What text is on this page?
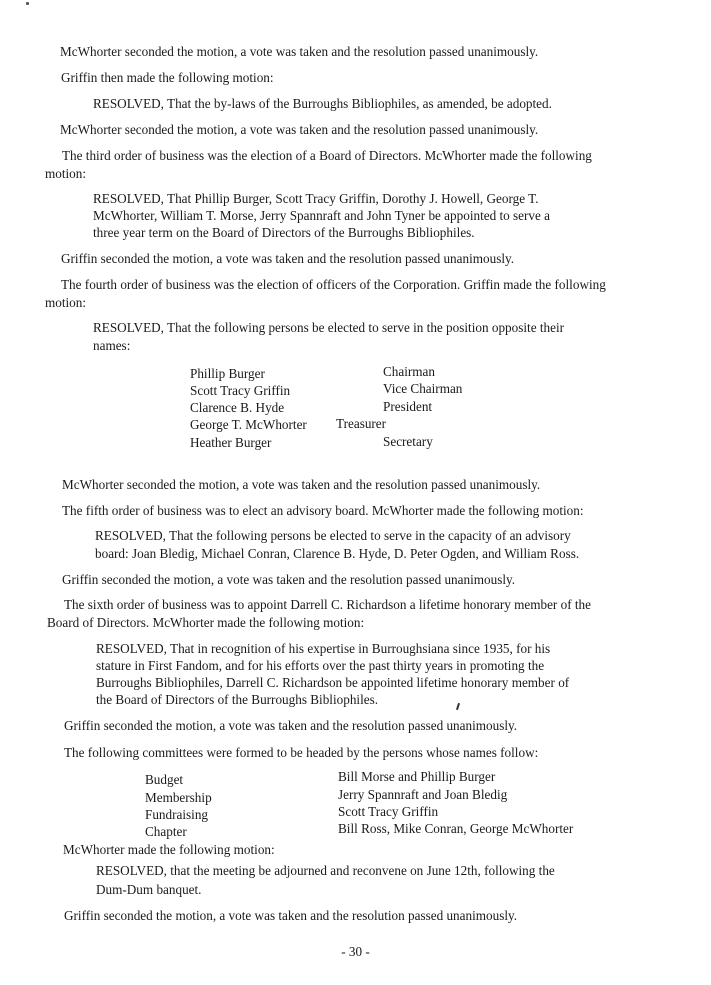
McWhorter seconded the motion, a vote was taken and the resolution passed unanimously.

Griffin then made the following motion:

RESOLVED, That the by-laws of the Burroughs Bibliophiles, as amended, be adopted.

McWhorter seconded the motion, a vote was taken and the resolution passed unanimously.

The third order of business was the election of a Board of Directors. McWhorter made the following

motion:

RESOLVED, That Phillip Burger, Scott Tracy Griffin, Dorothy J. Howell, George T.

McWhorter, William T. Morse, Jerry Spannraft and John Tyner be appointed to serve a

three year term on the Board of Directors of the Burroughs Bibliophiles.

Griffin seconded the motion, a vote was taken and the resolution passed unanimously.

The fourth order of business was the election of officers of the Corporation. Griffin made the following

motion:

RESOLVED, That the following persons be elected to serve in the position opposite their

names:

Phillip Burger	Chairman
Scott Tracy Griffin	Vice Chairman
Clarence B. Hyde	President
George T. McWhorter Treasurer
Heather Burger	Secretary

McWhorter seconded the motion, a vote was taken and the resolution passed unanimously.

The fifth order of business was to elect an advisory board. McWhorter made the following motion:

RESOLVED, That the following persons be elected to serve in the capacity of an advisory

board: Joan Bledig, Michael Conran, Clarence B. Hyde, D. Peter Ogden, and William Ross.

Griffin seconded the motion, a vote was taken and the resolution passed unanimously.

The sixth order of business was to appoint Darrell C. Richardson a lifetime honorary member of the

Board of Directors. McWhorter made the following motion:

RESOLVED, That in recognition of his expertise in Burroughsiana since 1935, for his

stature in First Fandom, and for his efforts over the past thirty years in promoting the

Burroughs Bibliophiles, Darrell C. Richardson be appointed lifetime honorary member of

the Board of Directors of the Burroughs Bibliophiles.

Griffin seconded the motion, a vote was taken and the resolution passed unanimously.

The following committees were formed to be headed by the persons whose names follow:

Budget	Bill Morse and Phillip Burger
Membership	Jerry Spannraft and Joan Bledig
Fundraising	Scott Tracy Griffin
Chapter	Bill Ross, Mike Conran, George McWhorter

McWhorter made the following motion:

RESOLVED, that the meeting be adjourned and reconvene on June 12th, following the

Dum-Dum banquet.

Griffin seconded the motion, a vote was taken and the resolution passed unanimously.

- 30 -
